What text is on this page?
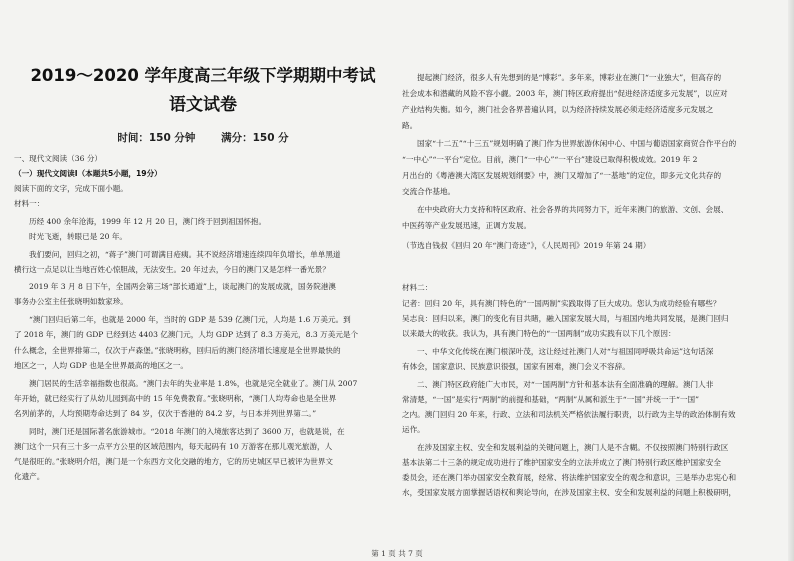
2019～2020 学年度高三年级下学期期中考试
语文试卷
时间：150 分钟 满分：150 分
一、现代文阅读（36 分）
（一）现代文阅读Ⅰ（本题共5小题，19分）
阅读下面的文字，完成下面小题。
材料一：
历经 400 余年沧海，1999 年 12 月 20 日，澳门终于回到祖国怀抱。
时光飞逝，转眼已是 20 年。
我们要问，回归之初，“蒋子”澳门可谓满目疮痍。其不说经济增速连续四年负增长，单单黑道
横行这一点足以让当地百姓心惊胆战，无法安生。20 年过去，今日的澳门又是怎样一番光景？
2019 年 3 月 8 日下午，全国两会第三场“部长通道”上，谈起澳门的发展成就，国务院港澳
事务办公室主任张晓明如数家珍。
“澳门回归后第二年，也就是 2000 年，当时的 GDP 是 539 亿澳门元，人均是 1.6 万美元。到
了 2018 年，澳门的 GDP 已经到达 4403 亿澳门元，人均 GDP 达到了 8.3 万美元，8.3 万美元是个
什么概念，全世界排第二，仅次于卢森堡。”张晓明称，回归后的澳门经济增长速度是全世界最快的
地区之一，人均 GDP 也是全世界最高的地区之一。
澳门居民的生活幸福指数也很高。“澳门去年的失业率是 1.8%，也就是完全就业了。澳门从 2007
年开始，就已经实行了从幼儿园到高中的 15 年免费教育。”张晓明称，“澳门人均寿命也是全世界
名列前茅的，人均预期寿命达到了 84 岁，仅次于香港的 84.2 岁，与日本并列世界第二。”
同时，澳门还是国际著名旅游城市。“2018 年澳门的入境旅客达到了 3600 万，也就是说，在
澳门这个一只有三十多一点平方公里的区域范围内，每天起码有 10 万游客在那儿观光旅游，人
气是很旺的。”张晓明介绍，澳门是一个东西方文化交融的地方，它的历史城区早已被评为世界文
化遗产。
提起澳门经济，很多人有先想到的是“博彩”。多年来，博彩业在澳门“一业独大”，但高存的
社会成本和潜藏的风险不容小觑。2003 年，澳门特区政府提出“促进经济适度多元发展”，以应对
产业结构失衡。如今，澳门社会各界普遍认同，以为经济持续发展必须走经济适度多元发展之
路。
国家“十二五”“十三五”规划明确了澳门作为世界旅游休闲中心、中国与葡语国家商贸合作平台的
“一中心”“一平台”定位。目前，澳门“一中心”“一平台”建设已取得积极成效。2019 年 2
月出台的《粤港澳大湾区发展规划纲要》中，澳门又增加了“一基地”的定位，即多元文化共存的
交流合作基地。
在中央政府大力支持和特区政府、社会各界的共同努力下，近年来澳门的旅游、文创、会展、
中医药等产业发展迅速，正调方发展。
（节选自钱叔《回归 20 年“澳门奇迹”》，《人民周刊》2019 年第 24 期）
材料二：
记者：回归 20 年，具有澳门特色的“一国两制”实践取得了巨大成功。您认为成功经验有哪些？
吴志良：回归以来，澳门的变化有目共睹，融入国家发展大局，与祖国内地共同发展，是澳门回归
以来最大的收获。我认为，具有澳门特色的“一国两制”成功实践有以下几个原因：
一、中华文化传统在澳门根深叶茂，这让经过社澳门人对“与祖国同呼吸共命运”这句话深
有体会，国家意识、民族意识很强，国家有困难，澳门会义不容辞。
二、澳门特区政府能广大市民，对“一国两制”方针和基本法有全面准确的理解。澳门人非
常清楚，“一国”是实行“两制”的前提和基础，“两制”从属和派生于“一国”并统一于“一国”
之内。澳门回归 20 年来，行政、立法和司法机关严格依法履行职责，以行政为主导的政治体制有效
运作。
在涉及国家主权、安全和发展利益的关键问题上，澳门人是不含糊。不仅按照澳门特别行政区
基本法第二十三条的规定成功进行了维护国家安全的立法并成立了澳门特别行政区维护国家安全
委员会，还在澳门举办国家安全教育展，经常、将法维护国家安全的观念和意识，三是举办忠宪心和
水，受国家发展方面掌握话语权和舆论导向，在涉及国家主权、安全和发展利益的问题上积极研明，
第 1 页 共 7 页
